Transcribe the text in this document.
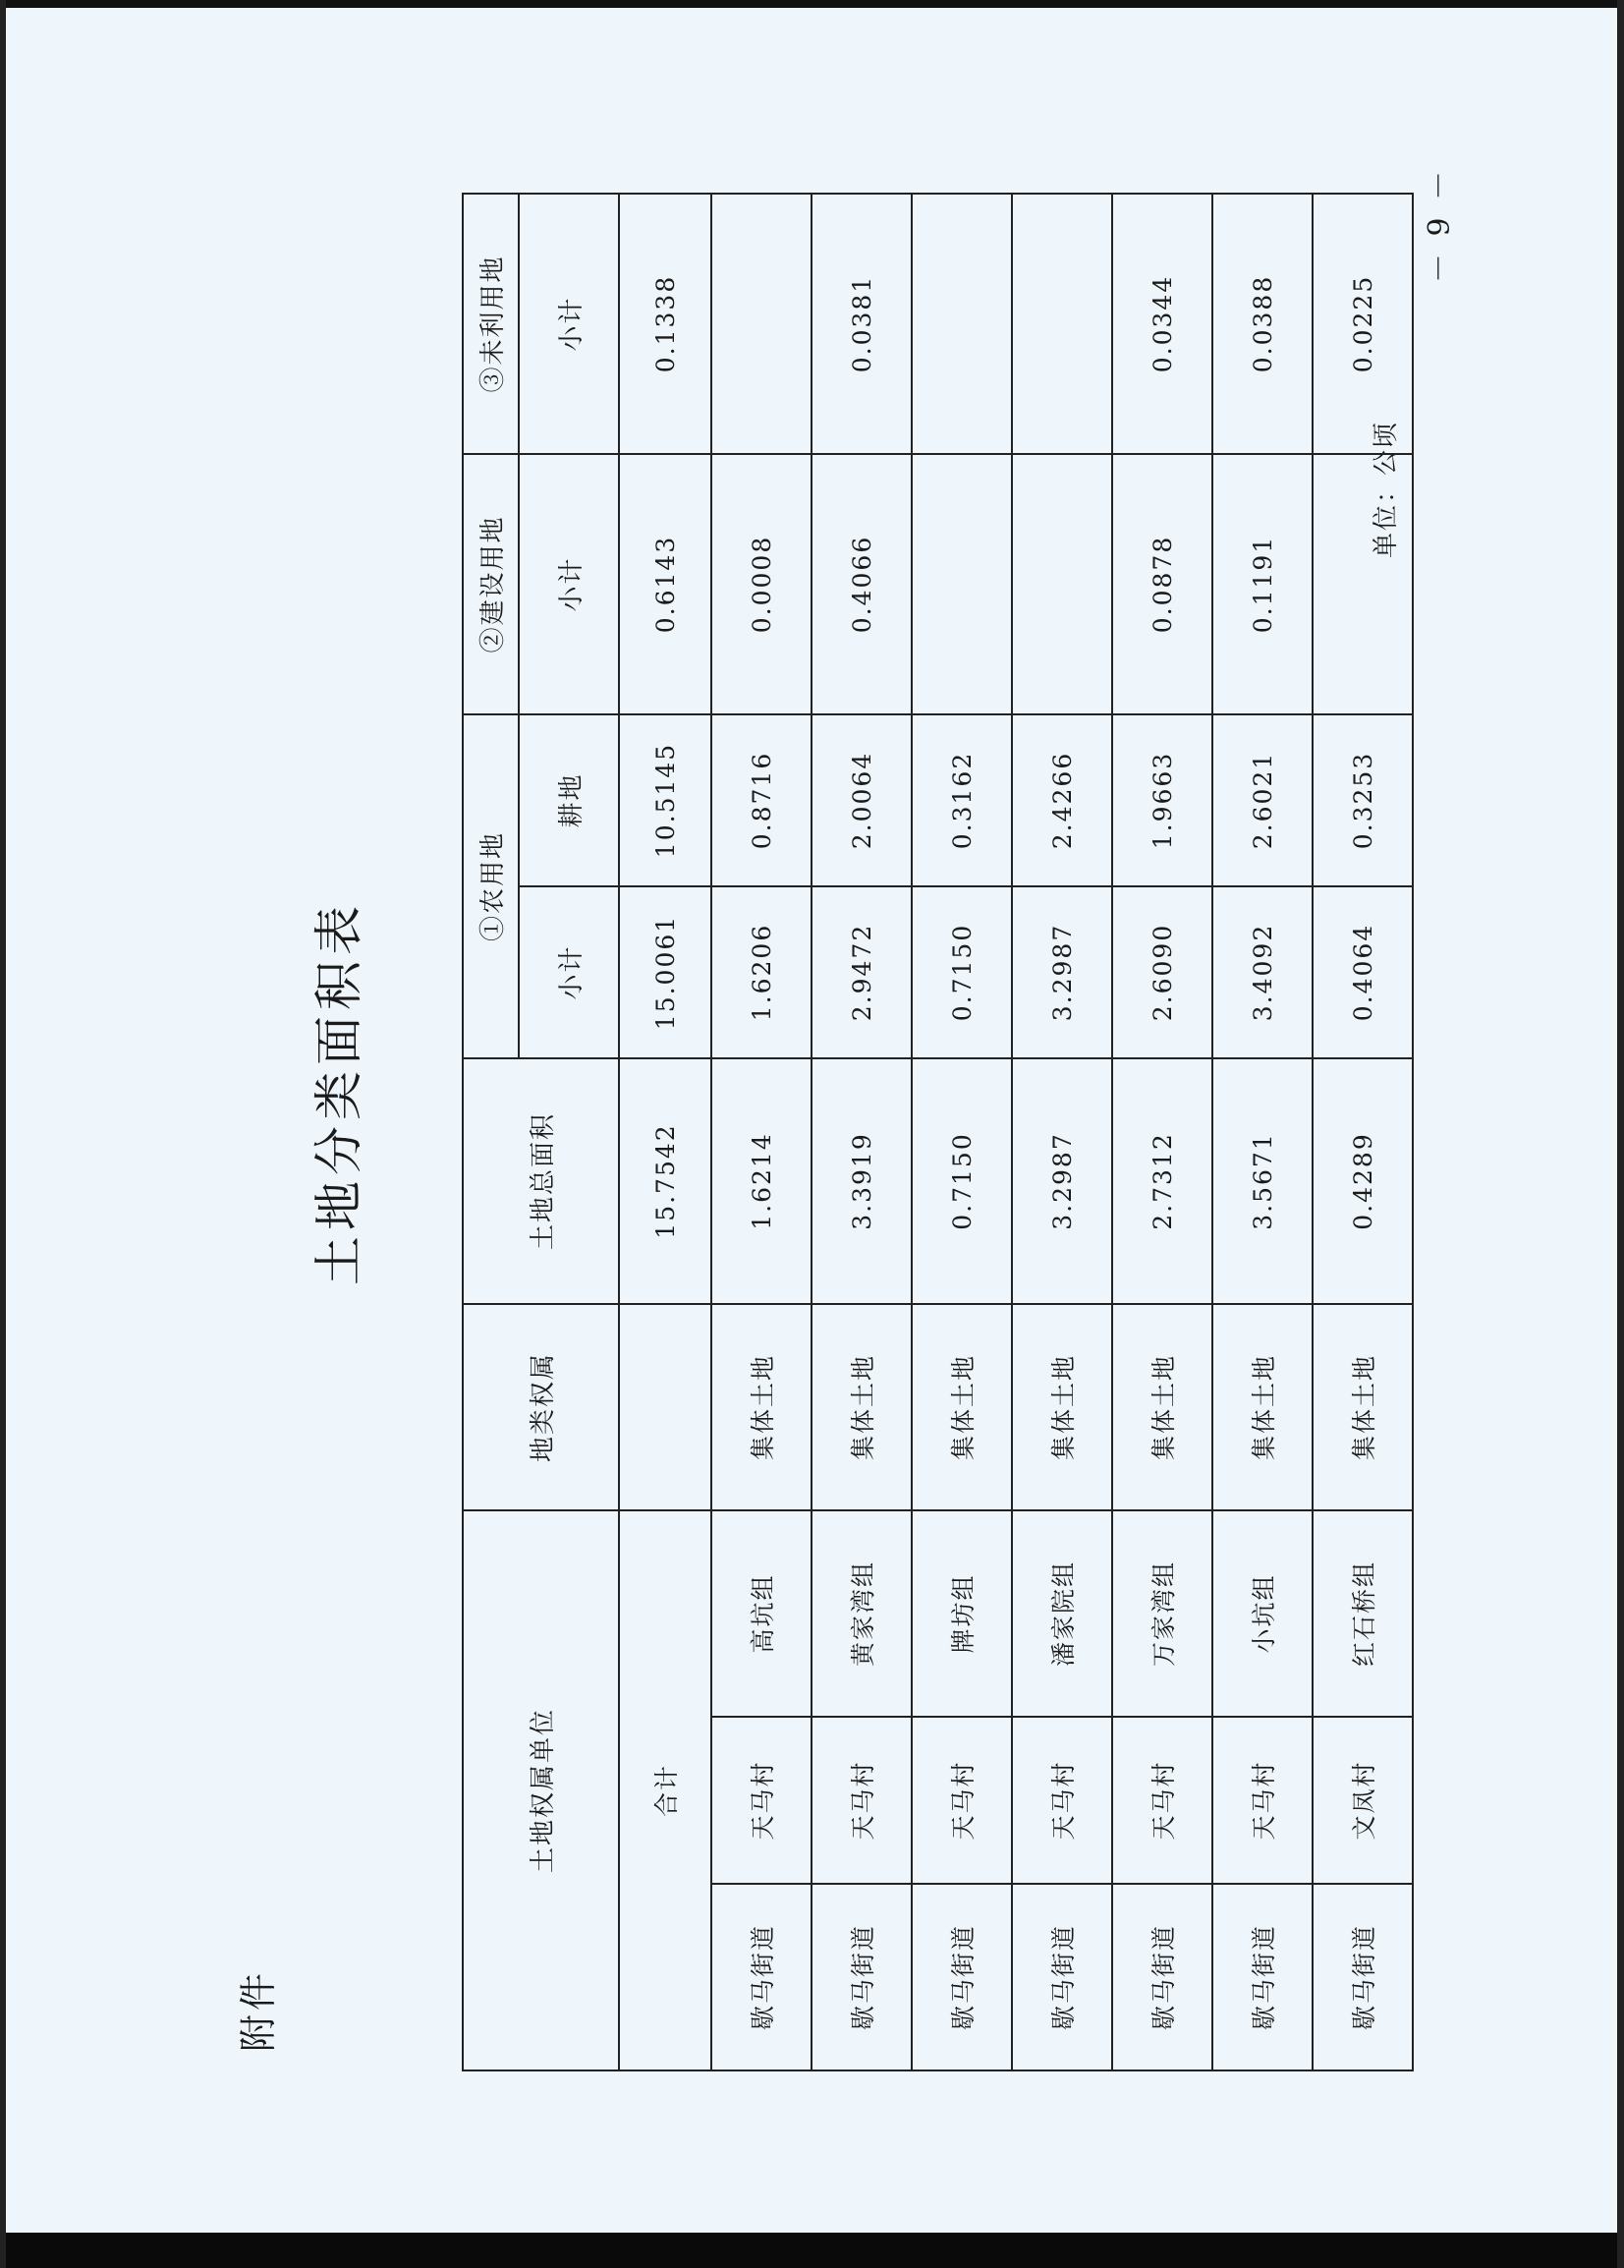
附件
土地分类面积表
单位：公顷
－ 9 －
土地权属单位			地类权属	土地总面积	①农用地		②建设用地	③未利用地
					小计	耕地	小计	小计
合计				15.7542	15.0061	10.5145	0.6143	0.1338
歇马街道	天马村	高坑组	集体土地	1.6214	1.6206	0.8716	0.0008	
歇马街道	天马村	黄家湾组	集体土地	3.3919	2.9472	2.0064	0.4066	0.0381
歇马街道	天马村	牌坊组	集体土地	0.7150	0.7150	0.3162		
歇马街道	天马村	潘家院组	集体土地	3.2987	3.2987	2.4266		
歇马街道	天马村	万家湾组	集体土地	2.7312	2.6090	1.9663	0.0878	0.0344
歇马街道	天马村	小坑组	集体土地	3.5671	3.4092	2.6021	0.1191	0.0388
歇马街道	文凤村	红石桥组	集体土地	0.4289	0.4064	0.3253		0.0225
